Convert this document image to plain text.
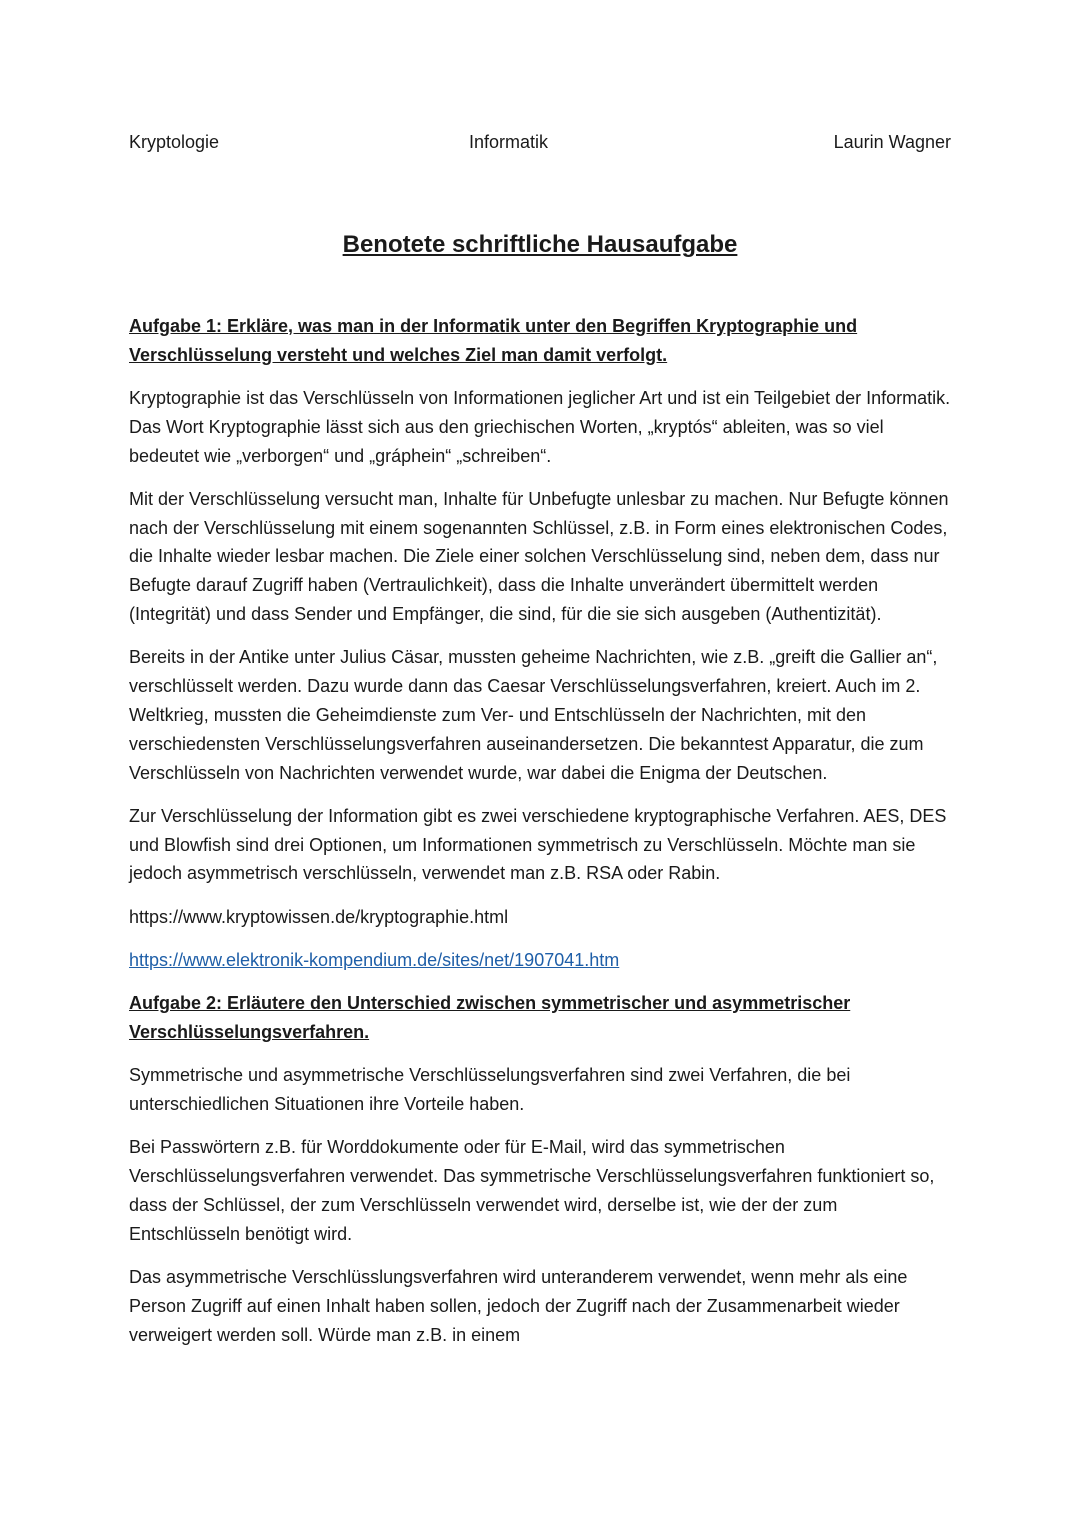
Kryptologie	Informatik	Laurin Wagner
Benotete schriftliche Hausaufgabe
Aufgabe 1: Erkläre, was man in der Informatik unter den Begriffen Kryptographie und Verschlüsselung versteht und welches Ziel man damit verfolgt.

Kryptographie ist das Verschlüsseln von Informationen jeglicher Art und ist ein Teilgebiet der Informatik. Das Wort Kryptographie lässt sich aus den griechischen Worten, „kryptós“ ableiten, was so viel bedeutet wie „verborgen“ und „gráphein“ „schreiben“.

Mit der Verschlüsselung versucht man, Inhalte für Unbefugte unlesbar zu machen. Nur Befugte können nach der Verschlüsselung mit einem sogenannten Schlüssel, z.B. in Form eines elektronischen Codes, die Inhalte wieder lesbar machen. Die Ziele einer solchen Verschlüsselung sind, neben dem, dass nur Befugte darauf Zugriff haben (Vertraulichkeit), dass die Inhalte unverändert übermittelt werden (Integrität) und dass Sender und Empfänger, die sind, für die sie sich ausgeben (Authentizität).

Bereits in der Antike unter Julius Cäsar, mussten geheime Nachrichten, wie z.B. „greift die Gallier an“, verschlüsselt werden. Dazu wurde dann das Caesar Verschlüsselungsverfahren, kreiert. Auch im 2. Weltkrieg, mussten die Geheimdienste zum Ver- und Entschlüsseln der Nachrichten, mit den verschiedensten Verschlüsselungsverfahren auseinandersetzen. Die bekanntest Apparatur, die zum Verschlüsseln von Nachrichten verwendet wurde, war dabei die Enigma der Deutschen.

Zur Verschlüsselung der Information gibt es zwei verschiedene kryptographische Verfahren. AES, DES und Blowfish sind drei Optionen, um Informationen symmetrisch zu Verschlüsseln. Möchte man sie jedoch asymmetrisch verschlüsseln, verwendet man z.B. RSA oder Rabin.

https://www.kryptowissen.de/kryptographie.html

https://www.elektronik-kompendium.de/sites/net/1907041.htm

Aufgabe 2: Erläutere den Unterschied zwischen symmetrischer und asymmetrischer Verschlüsselungsverfahren.

Symmetrische und asymmetrische Verschlüsselungsverfahren sind zwei Verfahren, die bei unterschiedlichen Situationen ihre Vorteile haben.

Bei Passwörtern z.B. für Worddokumente oder für E-Mail, wird das symmetrischen Verschlüsselungsverfahren verwendet. Das symmetrische Verschlüsselungsverfahren funktioniert so, dass der Schlüssel, der zum Verschlüsseln verwendet wird, derselbe ist, wie der der zum Entschlüsseln benötigt wird.

Das asymmetrische Verschlüsslungsverfahren wird unteranderem verwendet, wenn mehr als eine Person Zugriff auf einen Inhalt haben sollen, jedoch der Zugriff nach der Zusammenarbeit wieder verweigert werden soll. Würde man z.B. in einem
